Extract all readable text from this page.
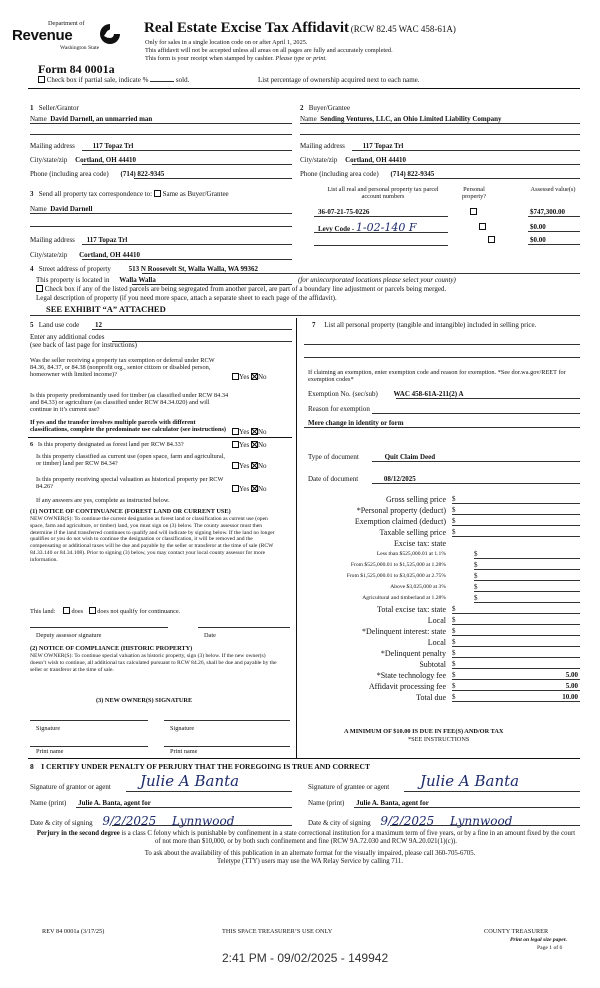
Department of
Revenue
Washington State
Form 84 0001a
Check box if partial sale, indicate %	sold.	List percentage of ownership acquired next to each name.
Real Estate Excise Tax Affidavit (RCW 82.45 WAC 458-61A)
Only for sales in a single location code on or after April 1, 2025.
This affidavit will not be accepted unless all areas on all pages are fully and accurately completed.
This form is your receipt when stamped by cashier. Please type or print.
1 Seller/Grantor
Name David Darnell, an unmarried man
Mailing address	117 Topaz Trl
City/state/zip Cortland, OH 44410
Phone (including area code) (714) 822-9345
2 Buyer/Grantee
Name Sending Ventures, LLC, an Ohio Limited Liability Company
Mailing address	117 Topaz Trl
City/state/zip Cortland, OH 44410
Phone (including area code) (714) 822-9345
3 Send all property tax correspondence to: Same as Buyer/Grantee
Name David Darnell
Mailing address 117 Topaz Trl
City/state/zip Cortland, OH 44410
List all real and personal property tax parcel account numbers
Personal property?
Assessed value(s)
36-07-21-75-0226
	$747,300.00
Levy Code - 1-02-140 F
	$0.00
$0.00
4 Street address of property	513 N Roosevelt St, Walla Walla, WA 99362
This property is located in Walla Walla	(for unincorporated locations please select your county)
Check box if any of the listed parcels are being segregated from another parcel, are part of a boundary line adjustment or parcels being merged.
Legal description of property (if you need more space, attach a separate sheet to each page of the affidavit).
SEE EXHIBIT “A” ATTACHED
5 Land use code 12
Enter any additional codes
(see back of last page for instructions)
Was the seller receiving a property tax exemption or deferral under RCW 84.36, 84.37, or 84.38 (nonprofit org., senior citizen or disabled person, homeowner with limited income)?	Yes No
Is this property predominantly used for timber (as classified under RCW 84.34 and 84.33) or agriculture (as classified under RCW 84.34.020) and will continue in it’s current use?
If yes and the transfer involves multiple parcels with different classifications, complete the predominate use calculator (see instructions)	Yes No
6 Is this property designated as forest land per RCW 84.33?	Yes No
Is this property classified as current use (open space, farm and agricultural, or timber) land per RCW 84.34?	Yes No
Is this property receiving special valuation as historical property per RCW 84.26?	Yes No
If any answers are yes, complete as instructed below.
(1) NOTICE OF CONTINUANCE (FOREST LAND OR CURRENT USE)
NEW OWNER(S): To continue the current designation as forest land or classification as current use (open space, farm and agriculture, or timber) land, you must sign on (3) below. The county assessor must then determine if the land transferred continues to qualify and will indicate by signing below. If the land no longer qualifies or you do not wish to continue the designation or classification, it will be removed and the compensating or additional taxes will be due and payable by the seller or transferor at the time of sale (RCW 84.33.140 or 84.34.108). Prior to signing (3) below, you may contact your local county assessor for more information.
This land:	does does not qualify for continuance.
Deputy assessor signature	Date
(2) NOTICE OF COMPLIANCE (HISTORIC PROPERTY)
NEW OWNER(S): To continue special valuation as historic property, sign (3) below. If the new owner(s) doesn’t wish to continue, all additional tax calculated pursuant to RCW 84.26, shall be due and payable by the seller or transferor at the time of sale.
(3) NEW OWNER(S) SIGNATURE
Signature	Signature
Print name	Print name
7 List all personal property (tangible and intangible) included in selling price.
If claiming an exemption, enter exemption code and reason for exemption. *See dor.wa.gov/REET for exemption codes*
Exemption No. (sec/sub) WAC 458-61A-211(2) A
Reason for exemption
Mere change in identity or form
Type of document	Quit Claim Deed
Date of document	08/12/2025
Gross selling price $
*Personal property (deduct) $
Exemption claimed (deduct) $
Taxable selling price $
Excise tax: state
Less than $525,000.01 at 1.1%	$
From $525,000.01 to $1,525,000 at 1.28%	$
From $1,525,000.01 to $3,025,000 at 2.75%	$
Above $3,025,000 at 3%	$
Agricultural and timberland at 1.28%	$
Total excise tax: state $
Local $
*Delinquent interest: state $
Local $
*Delinquent penalty $
Subtotal $
*State technology fee $	5.00
Affidavit processing fee $	5.00
Total due $	10.00
A MINIMUM OF $10.00 IS DUE IN FEE(S) AND/OR TAX
*SEE INSTRUCTIONS
8 I CERTIFY UNDER PENALTY OF PERJURY THAT THE FOREGOING IS TRUE AND CORRECT
Signature of grantor or agent Julie A Banta	Signature of grantee or agent Julie A Banta
Name (print) Julie A. Banta, agent for	Name (print) Julie A. Banta, agent for
Date & city of signing 9/2/2025 Lynnwood	Date & city of signing 9/2/2025 Lynnwood
Perjury in the second degree is a class C felony which is punishable by confinement in a state correctional institution for a maximum term of five years, or by a fine in an amount fixed by the court of not more than $10,000, or by both such confinement and fine (RCW 9A.72.030 and RCW 9A.20.021(1)(c)).
To ask about the availability of this publication in an alternate format for the visually impaired, please call 360-705-6705. Teletype (TTY) users may use the WA Relay Service by calling 711.
REV 84 0001a (3/17/25)	THIS SPACE TREASURER’S USE ONLY	COUNTY TREASURER
Print on legal size paper.
Page 1 of 6
2:41 PM - 09/02/2025 - 149942
